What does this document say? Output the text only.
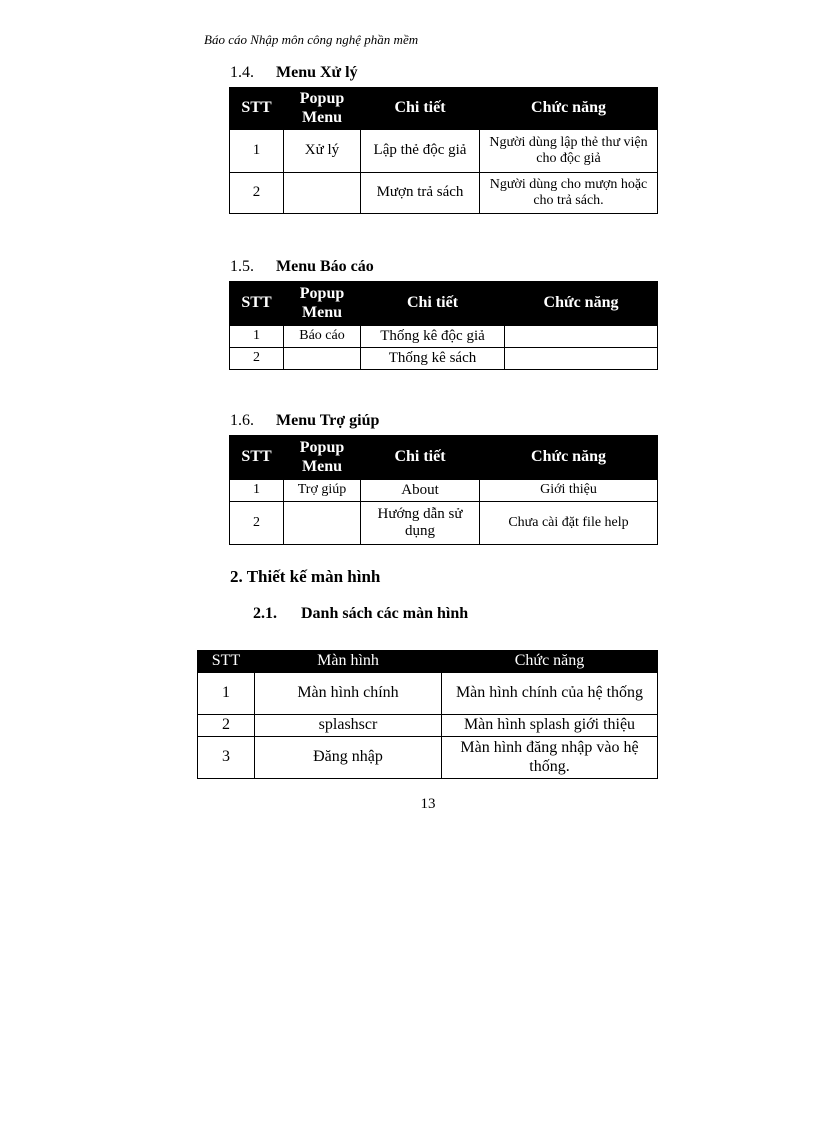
Báo cáo Nhập môn công nghệ phần mềm
1.4. Menu Xử lý
STT	Popup Menu	Chi tiết	Chức năng
1	Xử lý	Lập thẻ độc giả	Người dùng lập thẻ thư viện cho độc giả
2		Mượn trả sách	Người dùng cho mượn hoặc cho trả sách.
1.5. Menu Báo cáo
STT	Popup Menu	Chi tiết	Chức năng
1	Báo cáo	Thống kê độc giả	
2		Thống kê sách	
1.6. Menu Trợ giúp
STT	Popup Menu	Chi tiết	Chức năng
1	Trợ giúp	About	Giới thiệu
2		Hướng dẫn sử dụng	Chưa cài đặt file help
2. Thiết kế màn hình
2.1. Danh sách các màn hình
STT	Màn hình	Chức năng
1	Màn hình chính	Màn hình chính của hệ thống
2	splashscr	Màn hình splash giới thiệu
3	Đăng nhập	Màn hình đăng nhập vào hệ thống.
13
